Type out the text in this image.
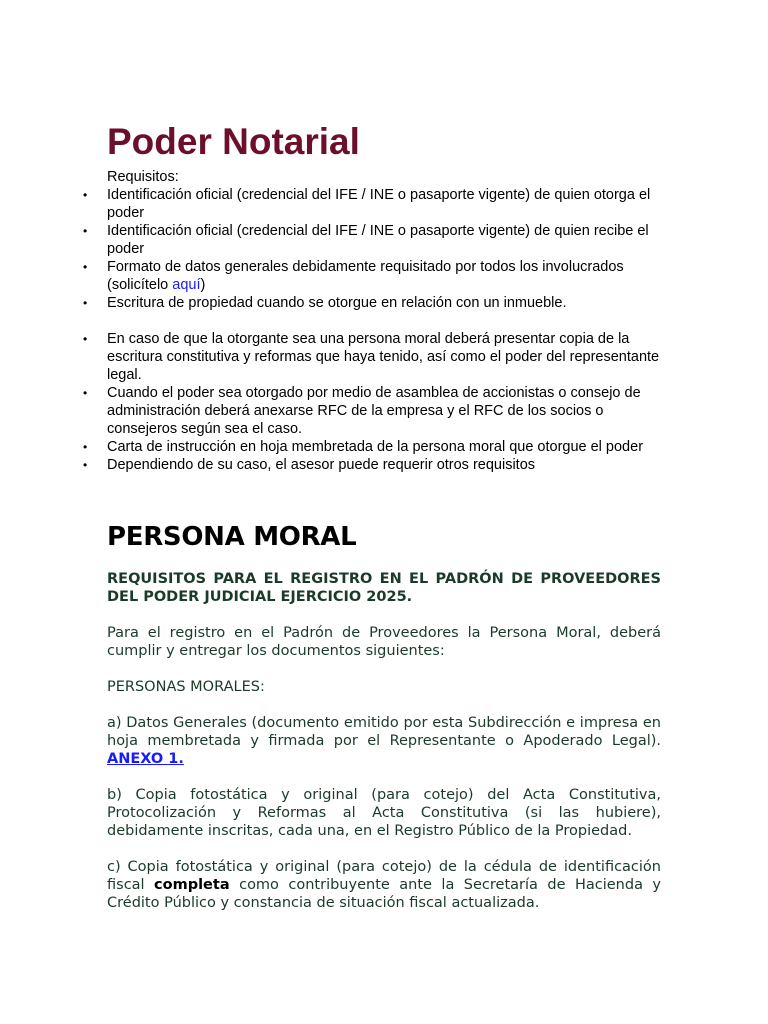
Poder Notarial
Requisitos:
• Identificación oficial (credencial del IFE / INE o pasaporte vigente) de quien otorga el poder
• Identificación oficial (credencial del IFE / INE o pasaporte vigente) de quien recibe el poder
• Formato de datos generales debidamente requisitado por todos los involucrados (solicítelo aquí)
• Escritura de propiedad cuando se otorgue en relación con un inmueble.
• En caso de que la otorgante sea una persona moral deberá presentar copia de la escritura constitutiva y reformas que haya tenido, así como el poder del representante legal.
• Cuando el poder sea otorgado por medio de asamblea de accionistas o consejo de administración deberá anexarse RFC de la empresa y el RFC de los socios o consejeros según sea el caso.
• Carta de instrucción en hoja membretada de la persona moral que otorgue el poder
• Dependiendo de su caso, el asesor puede requerir otros requisitos
PERSONA MORAL

REQUISITOS PARA EL REGISTRO EN EL PADRÓN DE PROVEEDORES DEL PODER JUDICIAL EJERCICIO 2025.

Para el registro en el Padrón de Proveedores la Persona Moral, deberá cumplir y entregar los documentos siguientes:

PERSONAS MORALES:

a) Datos Generales (documento emitido por esta Subdirección e impresa en hoja membretada y firmada por el Representante o Apoderado Legal). ANEXO 1.

b) Copia fotostática y original (para cotejo) del Acta Constitutiva, Protocolización y Reformas al Acta Constitutiva (si las hubiere), debidamente inscritas, cada una, en el Registro Público de la Propiedad.

c) Copia fotostática y original (para cotejo) de la cédula de identificación fiscal completa como contribuyente ante la Secretaría de Hacienda y Crédito Público y constancia de situación fiscal actualizada.
